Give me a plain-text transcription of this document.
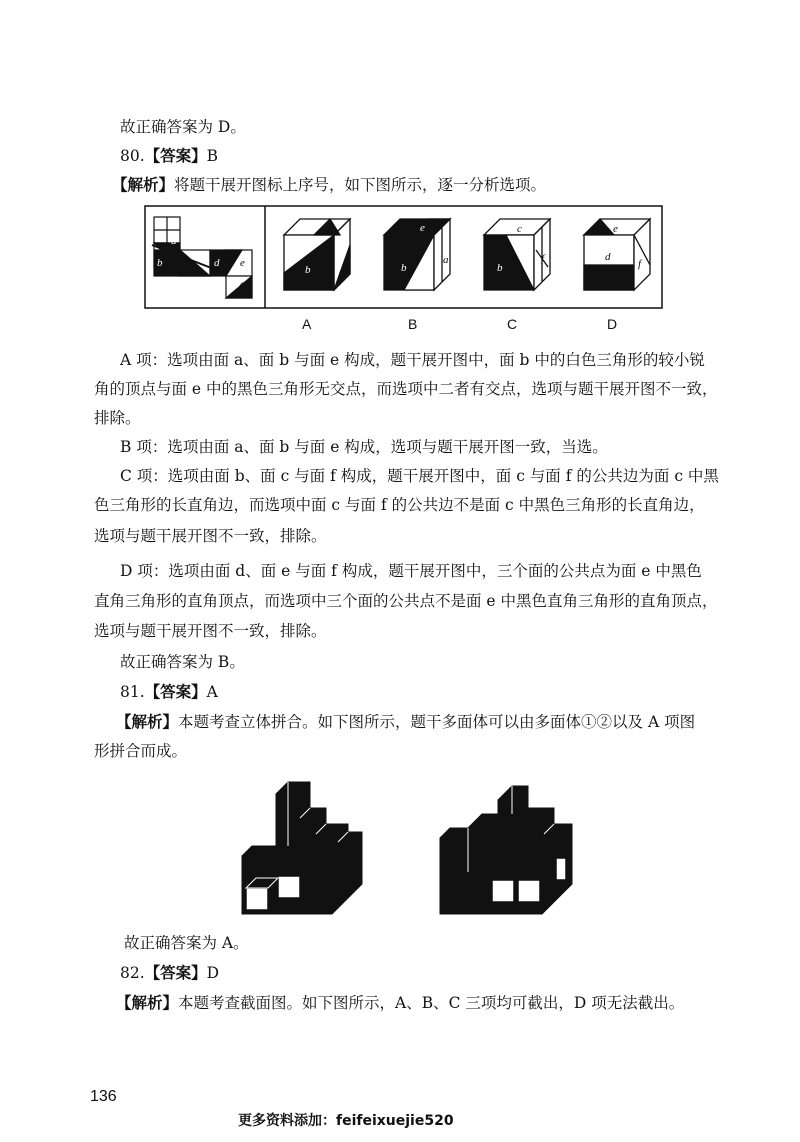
故正确答案为 D。
80.【答案】B
【解析】将题干展开图标上序号，如下图所示，逐一分析选项。
a
b c d e
f
a
b	e
e
b
a
c
b
f
e
d
f
A	B	C	D
A 项：选项由面 a、面 b 与面 e 构成，题干展开图中，面 b 中的白色三角形的较小锐
角的顶点与面 e 中的黑色三角形无交点，而选项中二者有交点，选项与题干展开图不一致，
排除。
B 项：选项由面 a、面 b 与面 e 构成，选项与题干展开图一致，当选。
C 项：选项由面 b、面 c 与面 f 构成，题干展开图中，面 c 与面 f 的公共边为面 c 中黑
色三角形的长直角边，而选项中面 c 与面 f 的公共边不是面 c 中黑色三角形的长直角边，
选项与题干展开图不一致，排除。
D 项：选项由面 d、面 e 与面 f 构成，题干展开图中，三个面的公共点为面 e 中黑色
直角三角形的直角顶点，而选项中三个面的公共点不是面 e 中黑色直角三角形的直角顶点，
选项与题干展开图不一致，排除。
故正确答案为 B。
81.【答案】A
【解析】本题考查立体拼合。如下图所示，题干多面体可以由多面体①②以及 A 项图
形拼合而成。
故正确答案为 A。
82.【答案】D
【解析】本题考查截面图。如下图所示，A、B、C 三项均可截出，D 项无法截出。
136
更多资料添加：feifeixuejie520
